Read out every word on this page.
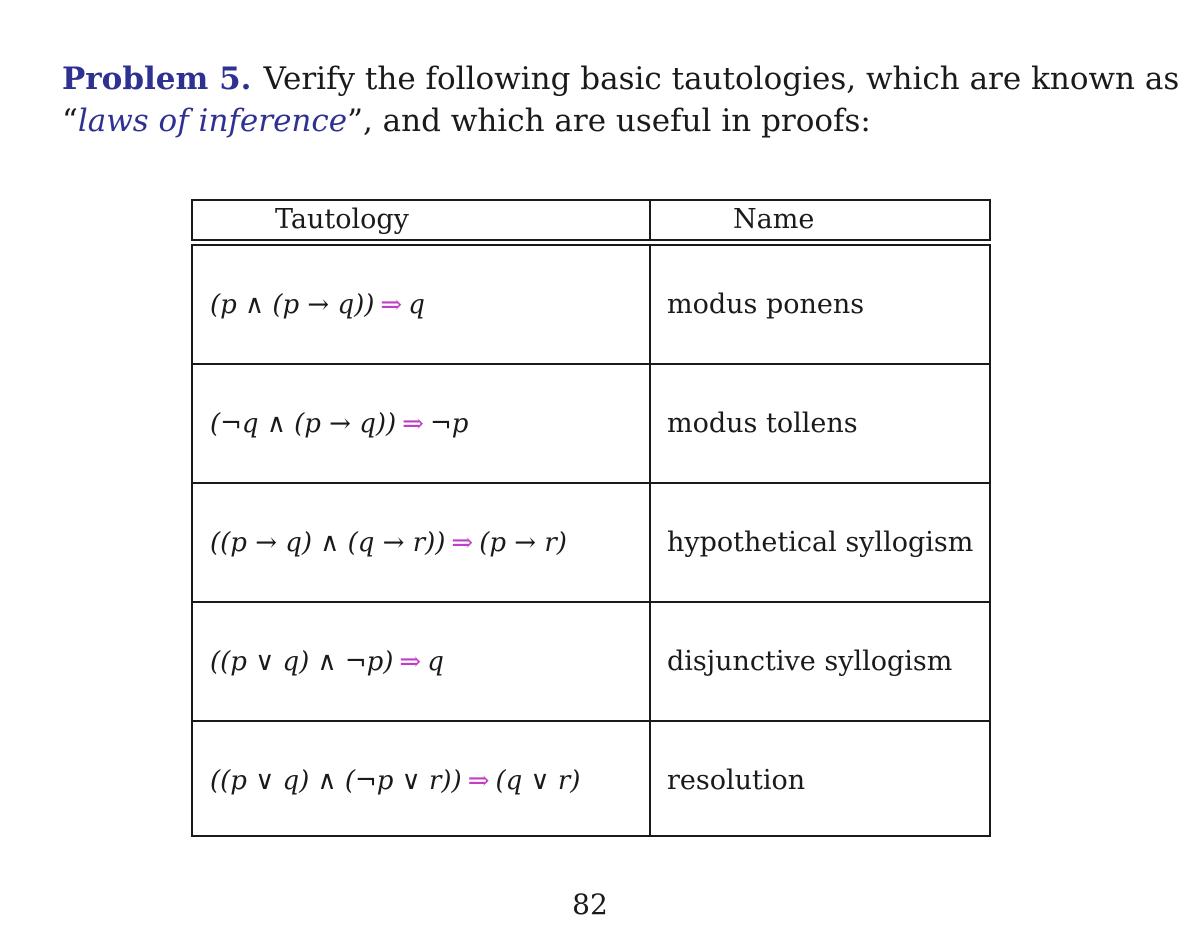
Problem 5. Verify the following basic tautologies, which are known as
“laws of inference”, and which are useful in proofs:
Tautology	Name
(p ∧ (p → q)) ⇒ q	modus ponens
(¬q ∧ (p → q)) ⇒ ¬p	modus tollens
((p → q) ∧ (q → r)) ⇒ (p → r)	hypothetical syllogism
((p ∨ q) ∧ ¬p) ⇒ q	disjunctive syllogism
((p ∨ q) ∧ (¬p ∨ r)) ⇒ (q ∨ r)	resolution
82
